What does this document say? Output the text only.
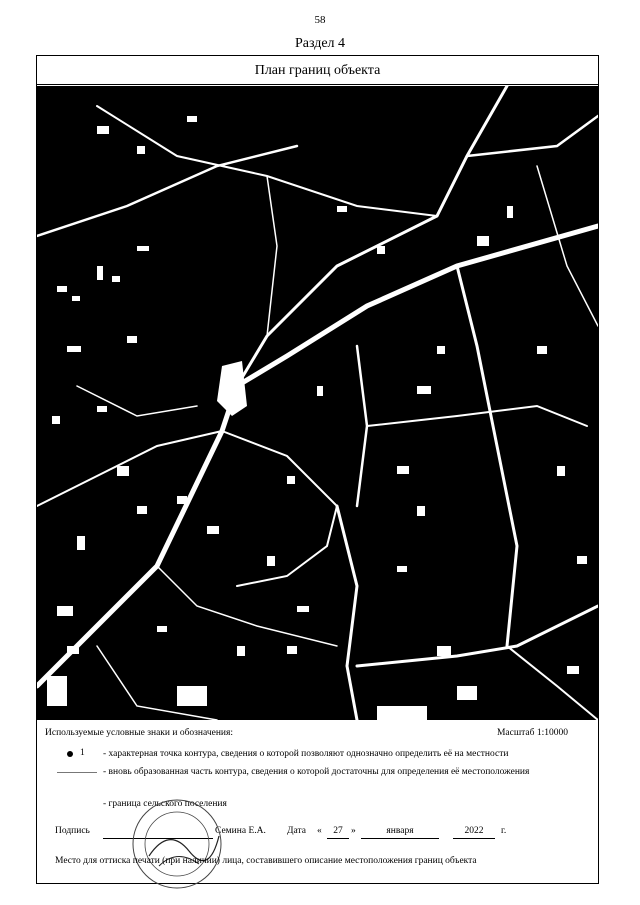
58
Раздел 4
План границ объекта
Используемые условные знаки и обозначения:	Масштаб 1:10000
1 - характерная точка контура, сведения о которой позволяют однозначно определить её на местности
- вновь образованная часть контура, сведения о которой достаточны для определения её местоположения
- граница сельского поселения
Подпись	Семина Е.А. Дата «	27 »	января	2022	г.
Место для оттиска печати (при наличии) лица, составившего описание местоположения границ объекта
